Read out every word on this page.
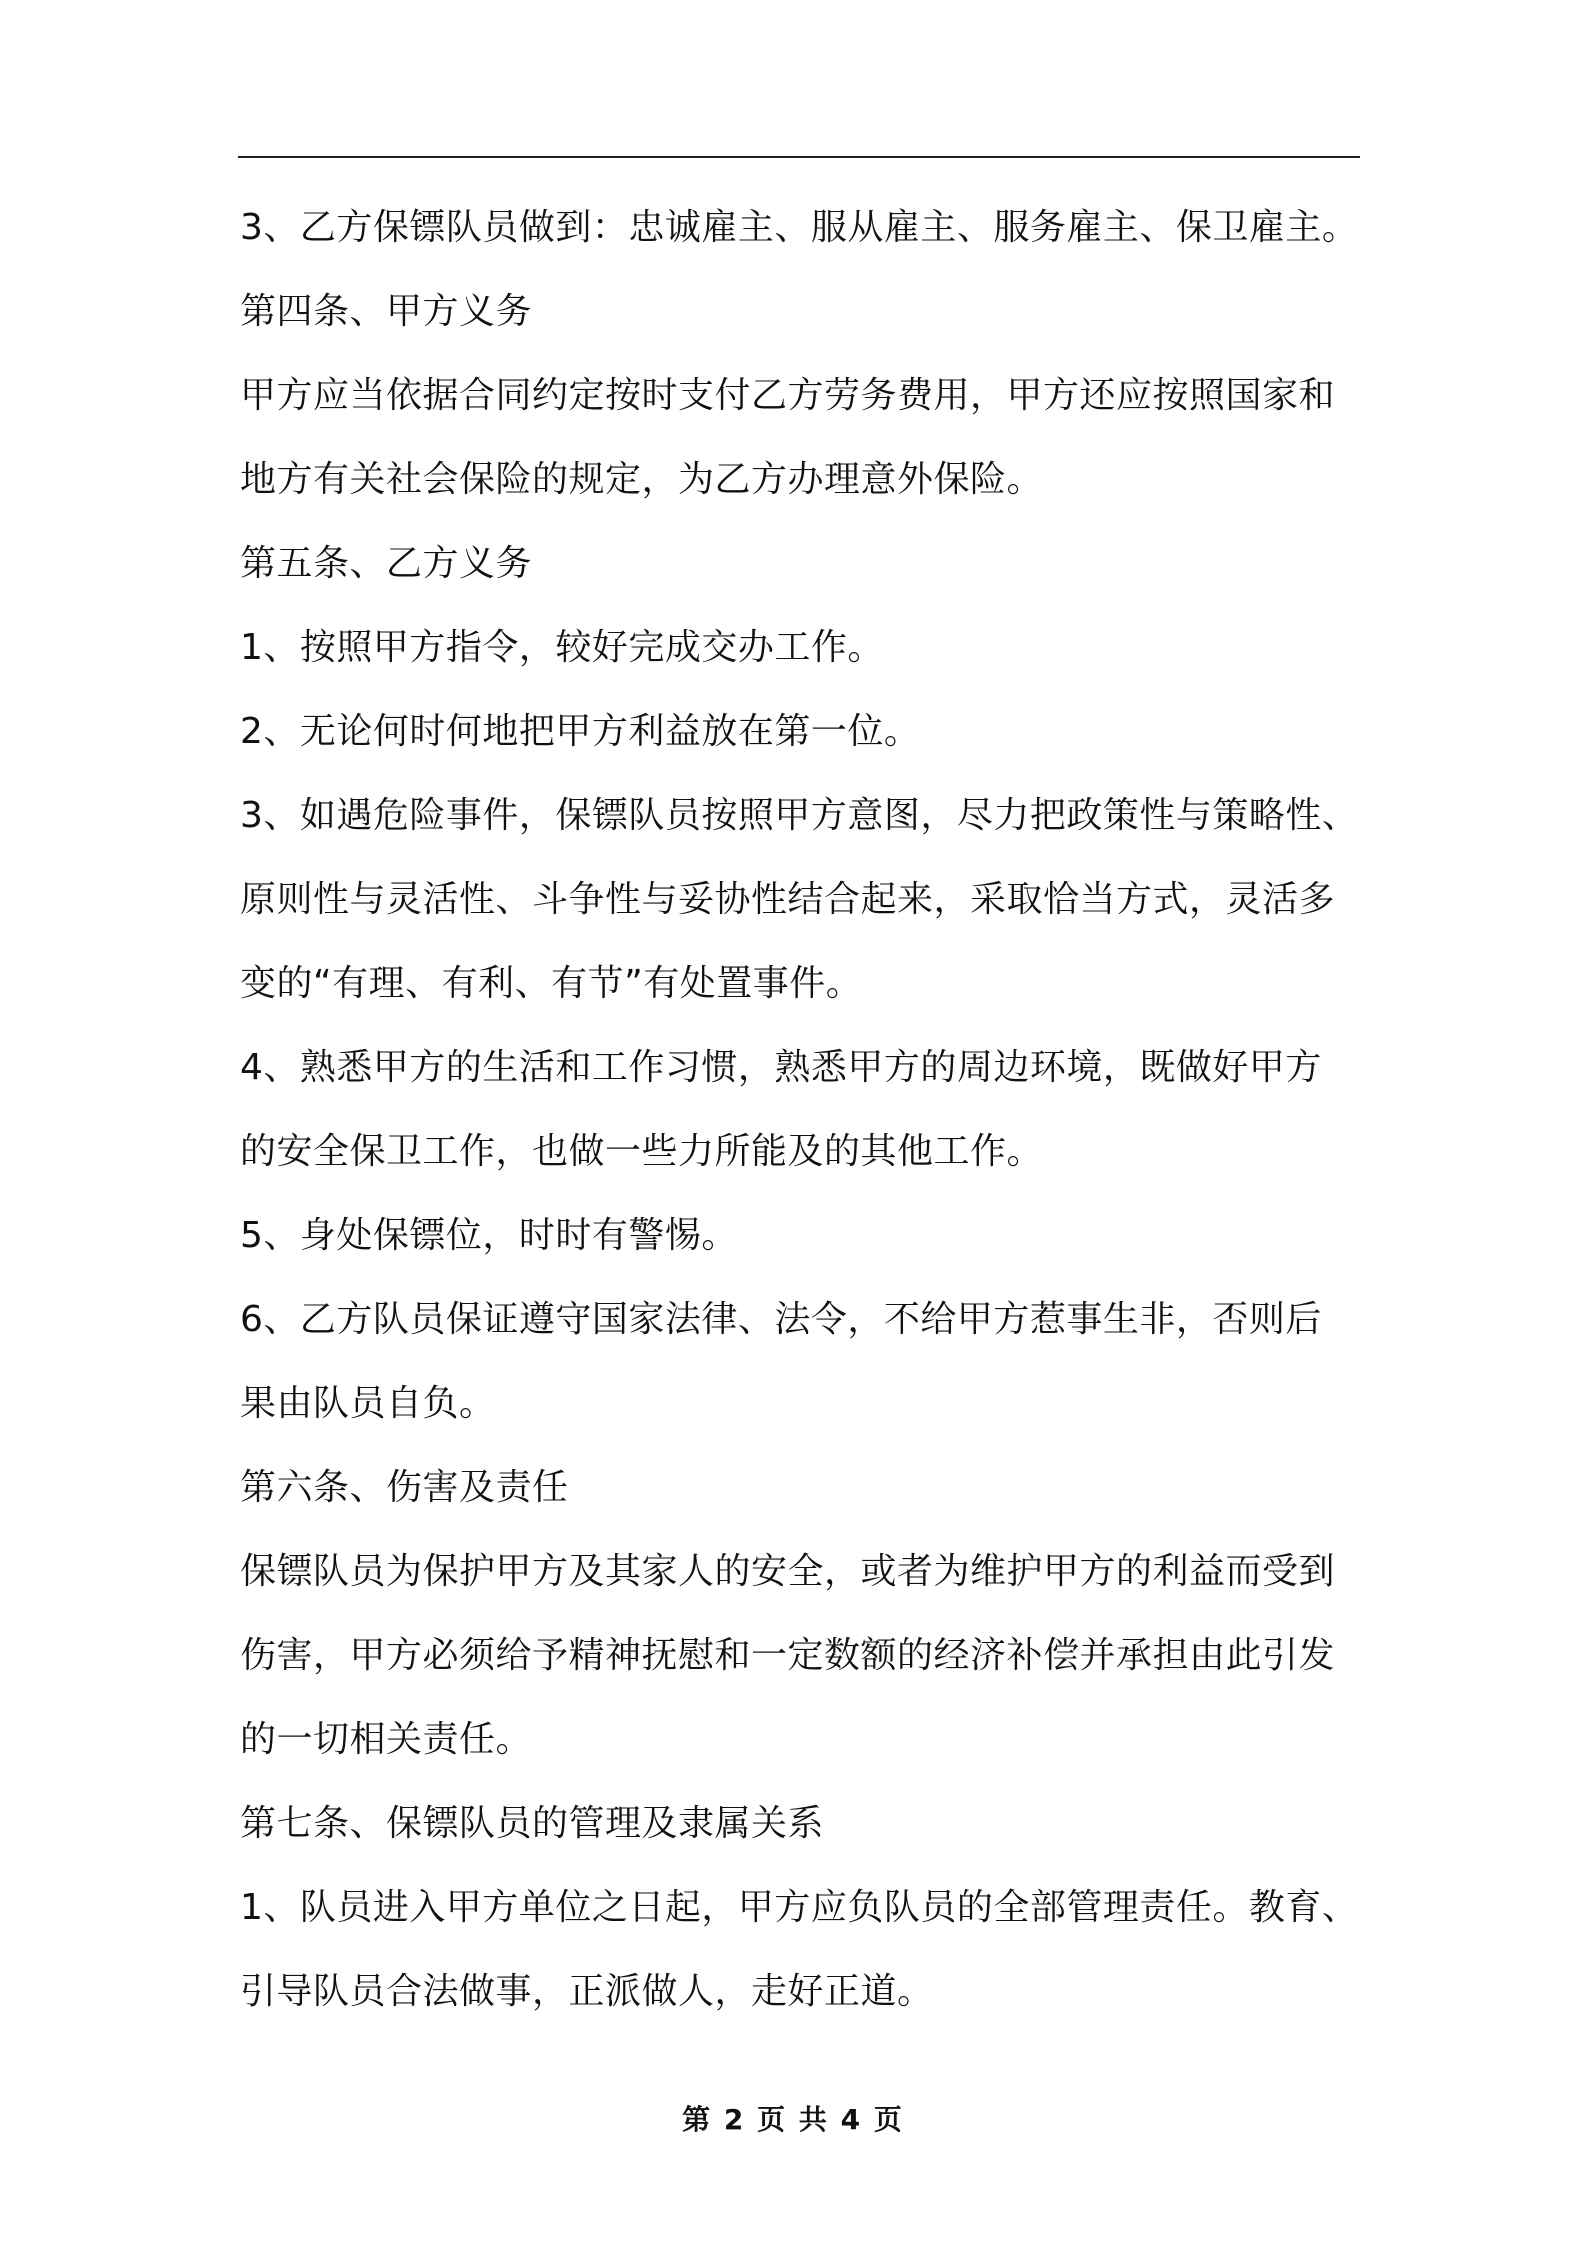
3、乙方保镖队员做到：忠诚雇主、服从雇主、服务雇主、保卫雇主。
第四条、甲方义务
甲方应当依据合同约定按时支付乙方劳务费用，甲方还应按照国家和
地方有关社会保险的规定，为乙方办理意外保险。
第五条、乙方义务
1、按照甲方指令，较好完成交办工作。
2、无论何时何地把甲方利益放在第一位。
3、如遇危险事件，保镖队员按照甲方意图，尽力把政策性与策略性、
原则性与灵活性、斗争性与妥协性结合起来，采取恰当方式，灵活多
变的“有理、有利、有节”有处置事件。
4、熟悉甲方的生活和工作习惯，熟悉甲方的周边环境，既做好甲方
的安全保卫工作，也做一些力所能及的其他工作。
5、身处保镖位，时时有警惕。
6、乙方队员保证遵守国家法律、法令，不给甲方惹事生非，否则后
果由队员自负。
第六条、伤害及责任
保镖队员为保护甲方及其家人的安全，或者为维护甲方的利益而受到
伤害，甲方必须给予精神抚慰和一定数额的经济补偿并承担由此引发
的一切相关责任。
第七条、保镖队员的管理及隶属关系
1、队员进入甲方单位之日起，甲方应负队员的全部管理责任。教育、
引导队员合法做事，正派做人，走好正道。
第 2 页 共 4 页
